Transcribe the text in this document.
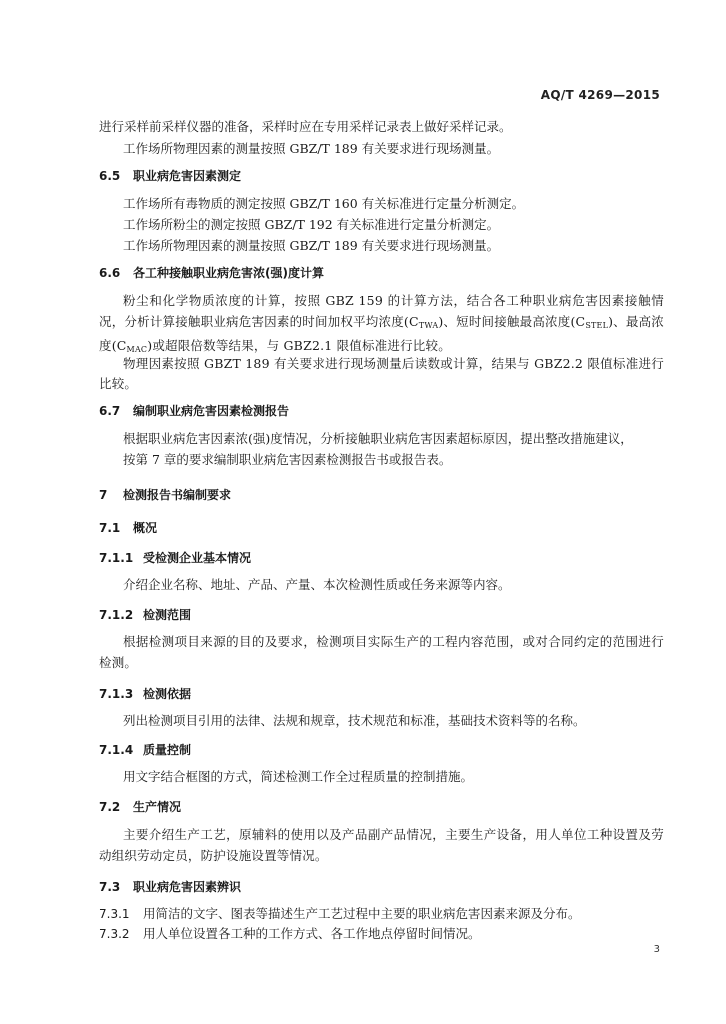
AQ/T 4269—2015
进行采样前采样仪器的准备，采样时应在专用采样记录表上做好采样记录。
工作场所物理因素的测量按照 GBZ/T 189 有关要求进行现场测量。
6.5 职业病危害因素测定
工作场所有毒物质的测定按照 GBZ/T 160 有关标准进行定量分析测定。
工作场所粉尘的测定按照 GBZ/T 192 有关标准进行定量分析测定。
工作场所物理因素的测量按照 GBZ/T 189 有关要求进行现场测量。
6.6 各工种接触职业病危害浓(强)度计算
粉尘和化学物质浓度的计算，按照 GBZ 159 的计算方法，结合各工种职业病危害因素接触情况，分析计算接触职业病危害因素的时间加权平均浓度$(C_{TWA})$、短时间接触最高浓度$(C_{STEL})$、最高浓度$(C_{MAC})$或超限倍数等结果，与 GBZ2.1 限值标准进行比较。
物理因素按照 GBZT 189 有关要求进行现场测量后读数或计算，结果与 GBZ2.2 限值标准进行比较。
6.7 编制职业病危害因素检测报告
根据职业病危害因素浓(强)度情况，分析接触职业病危害因素超标原因，提出整改措施建议，
按第 7 章的要求编制职业病危害因素检测报告书或报告表。
7 检测报告书编制要求
7.1 概况
7.1.1 受检测企业基本情况
介绍企业名称、地址、产品、产量、本次检测性质或任务来源等内容。
7.1.2 检测范围
根据检测项目来源的目的及要求，检测项目实际生产的工程内容范围，或对合同约定的范围进行检测。
7.1.3 检测依据
列出检测项目引用的法律、法规和规章，技术规范和标准，基础技术资料等的名称。
7.1.4 质量控制
用文字结合框图的方式，简述检测工作全过程质量的控制措施。
7.2 生产情况
主要介绍生产工艺，原辅料的使用以及产品副产品情况，主要生产设备，用人单位工种设置及劳动组织劳动定员，防护设施设置等情况。
7.3 职业病危害因素辨识
7.3.1 用简洁的文字、图表等描述生产工艺过程中主要的职业病危害因素来源及分布。
7.3.2 用人单位设置各工种的工作方式、各工作地点停留时间情况。
3
